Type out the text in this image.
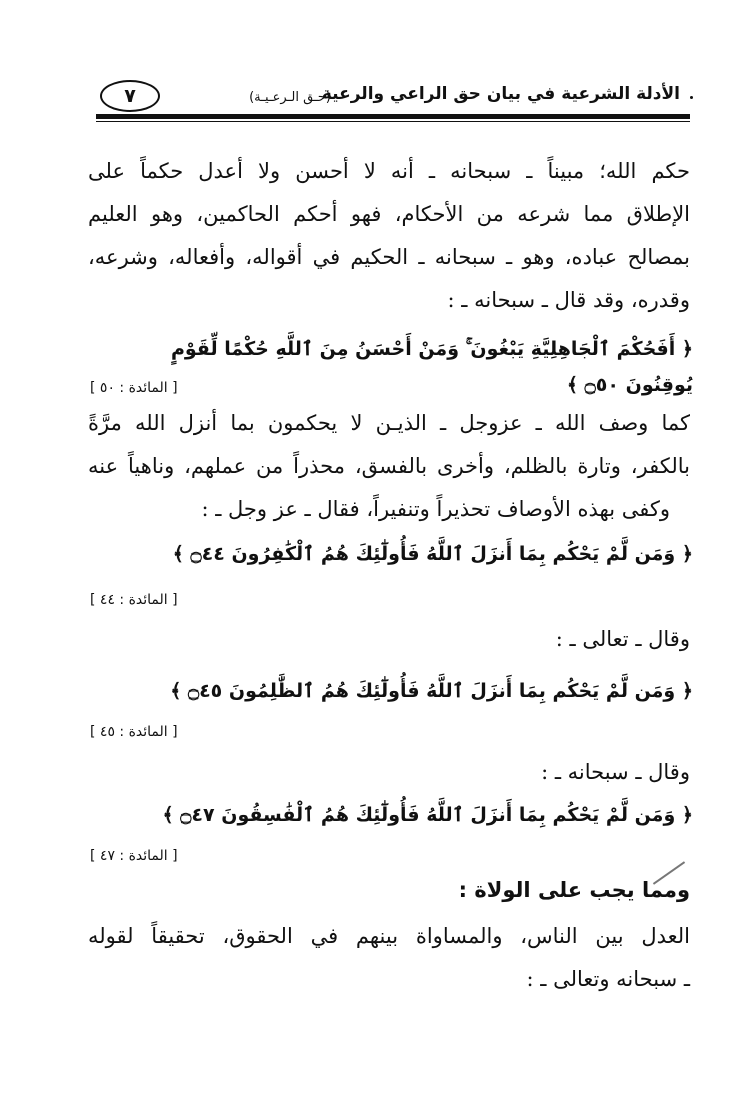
الأدلة الشرعية في بيان حق الراعي والرعية
(حـق الـرعـيـة)
٧
حكم الله؛ مبيناً ـ سبحانه ـ أنه لا أحسن ولا أعدل حكماً على
الإطلاق مما شرعه من الأحكام، فهو أحكم الحاكمين، وهو العليم
بمصالح عباده، وهو ـ سبحانه ـ الحكيم في أقواله، وأفعاله، وشرعه،
وقدره، وقد قال ـ سبحانه ـ :
﴿ أَفَحُكْمَ ٱلْجَاهِلِيَّةِ يَبْغُونَ ۚ وَمَنْ أَحْسَنُ مِنَ ٱللَّهِ حُكْمًا لِّقَوْمٍ
يُوقِنُونَ ۝٥٠ ﴾
[ المائدة : ٥٠ ]
كما وصف الله ـ عزوجل ـ الذيـن لا يحكمون بما أنزل الله مرَّةً
بالكفر، وتارة بالظلم، وأخرى بالفسق، محذراً من عملهم، وناهياً عنه
وكفى بهذه الأوصاف تحذيراً وتنفيراً، فقال ـ عز وجل ـ :
﴿ وَمَن لَّمْ يَحْكُم بِمَا أَنزَلَ ٱللَّهُ فَأُولَٰٓئِكَ هُمُ ٱلْكَٰفِرُونَ ۝٤٤ ﴾
[ المائدة : ٤٤ ]
وقال ـ تعالى ـ :
﴿ وَمَن لَّمْ يَحْكُم بِمَا أَنزَلَ ٱللَّهُ فَأُولَٰٓئِكَ هُمُ ٱلظَّٰلِمُونَ ۝٤٥ ﴾
[ المائدة : ٤٥ ]
وقال ـ سبحانه ـ :
﴿ وَمَن لَّمْ يَحْكُم بِمَا أَنزَلَ ٱللَّهُ فَأُولَٰٓئِكَ هُمُ ٱلْفَٰسِقُونَ ۝٤٧ ﴾
[ المائدة : ٤٧ ]
ومما يجب على الولاة :
العدل بين الناس، والمساواة بينهم في الحقوق، تحقيقاً لقوله
ـ سبحانه وتعالى ـ :
